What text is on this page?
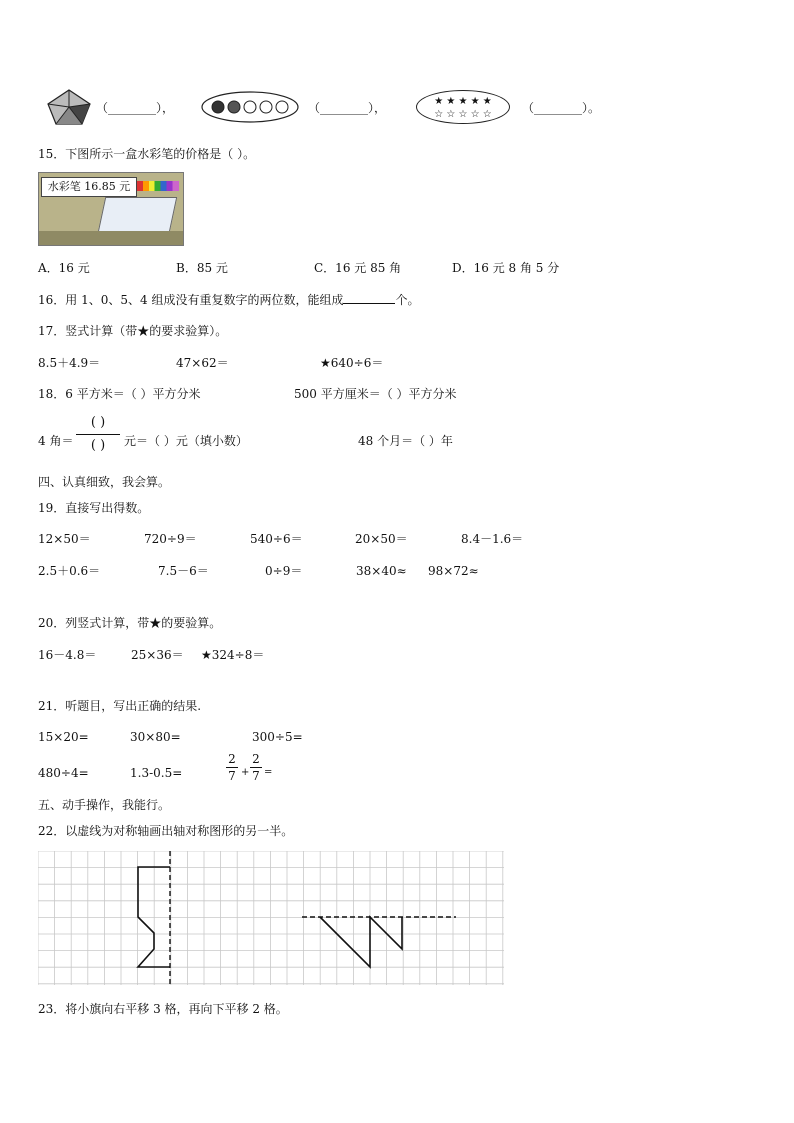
（________），	（________），	★ ★ ★ ★ ★
☆ ☆ ☆ ☆ ☆	（________）。
15．下图所示一盒水彩笔的价格是（ ）。
水彩笔 16.85 元
A．16 元	B．85 元	C．16 元 85 角	D．16 元 8 角 5 分
16．用 1、0、5、4 组成没有重复数字的两位数，能组成	个。
17．竖式计算（带★的要求验算）。
8.5＋4.9＝	47×62＝	★640÷6＝
18．6 平方米＝（ ）平方分米	500 平方厘米＝（ ）平方分米
4 角＝
( )
( )	元＝（ ）元（填小数）	48 个月＝（ ）年
四、认真细致，我会算。
19．直接写出得数。
12×50＝	720÷9＝	540÷6＝	20×50＝	8.4－1.6＝
2.5＋0.6＝	7.5－6＝	0÷9＝	38×40≈ 98×72≈
20．列竖式计算，带★的要验算。
16－4.8＝	25×36＝ ★324÷8＝
21．听题目，写出正确的结果.
15×20=	30×80=	300÷5=
480÷4=	1.3-0.5=
2
7 +
2
7 =
五、动手操作，我能行。
22．以虚线为对称轴画出轴对称图形的另一半。
23．将小旗向右平移 3 格，再向下平移 2 格。
